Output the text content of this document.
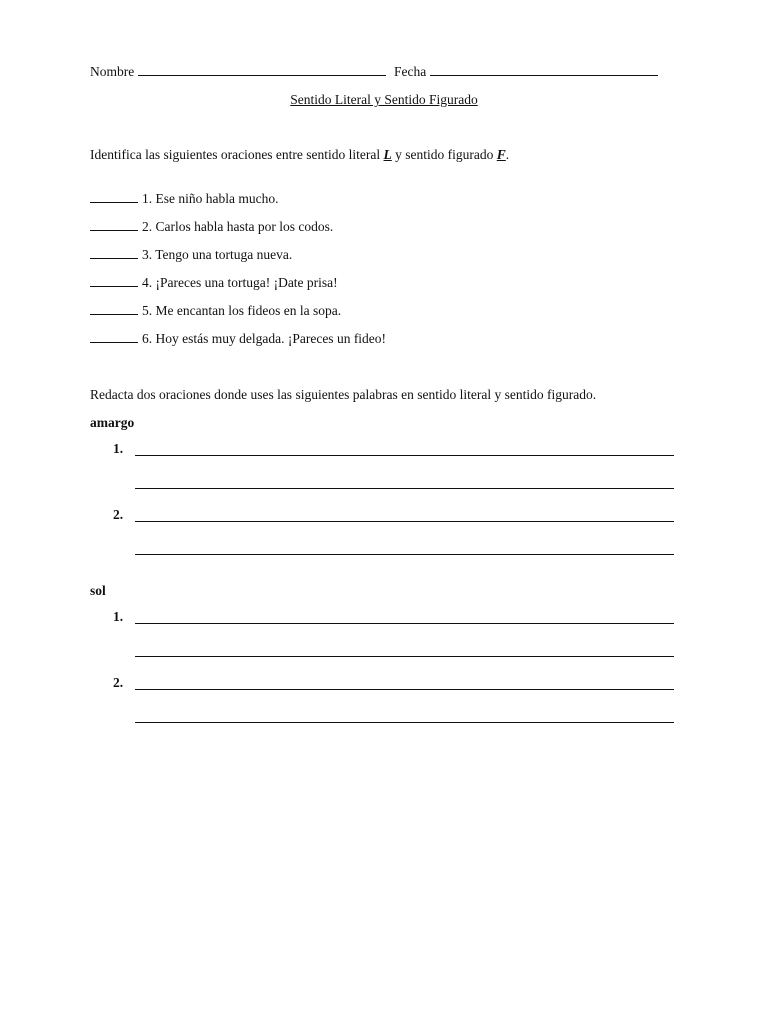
Nombre	Fecha
Sentido Literal y Sentido Figurado
Identifica las siguientes oraciones entre sentido literal L y sentido figurado F.
1. Ese niño habla mucho.
2. Carlos habla hasta por los codos.
3. Tengo una tortuga nueva.
4. ¡Pareces una tortuga! ¡Date prisa!
5. Me encantan los fideos en la sopa.
6. Hoy estás muy delgada. ¡Pareces un fideo!
Redacta dos oraciones donde uses las siguientes palabras en sentido literal y sentido figurado.
amargo
1.
2.
sol
1.
2.
